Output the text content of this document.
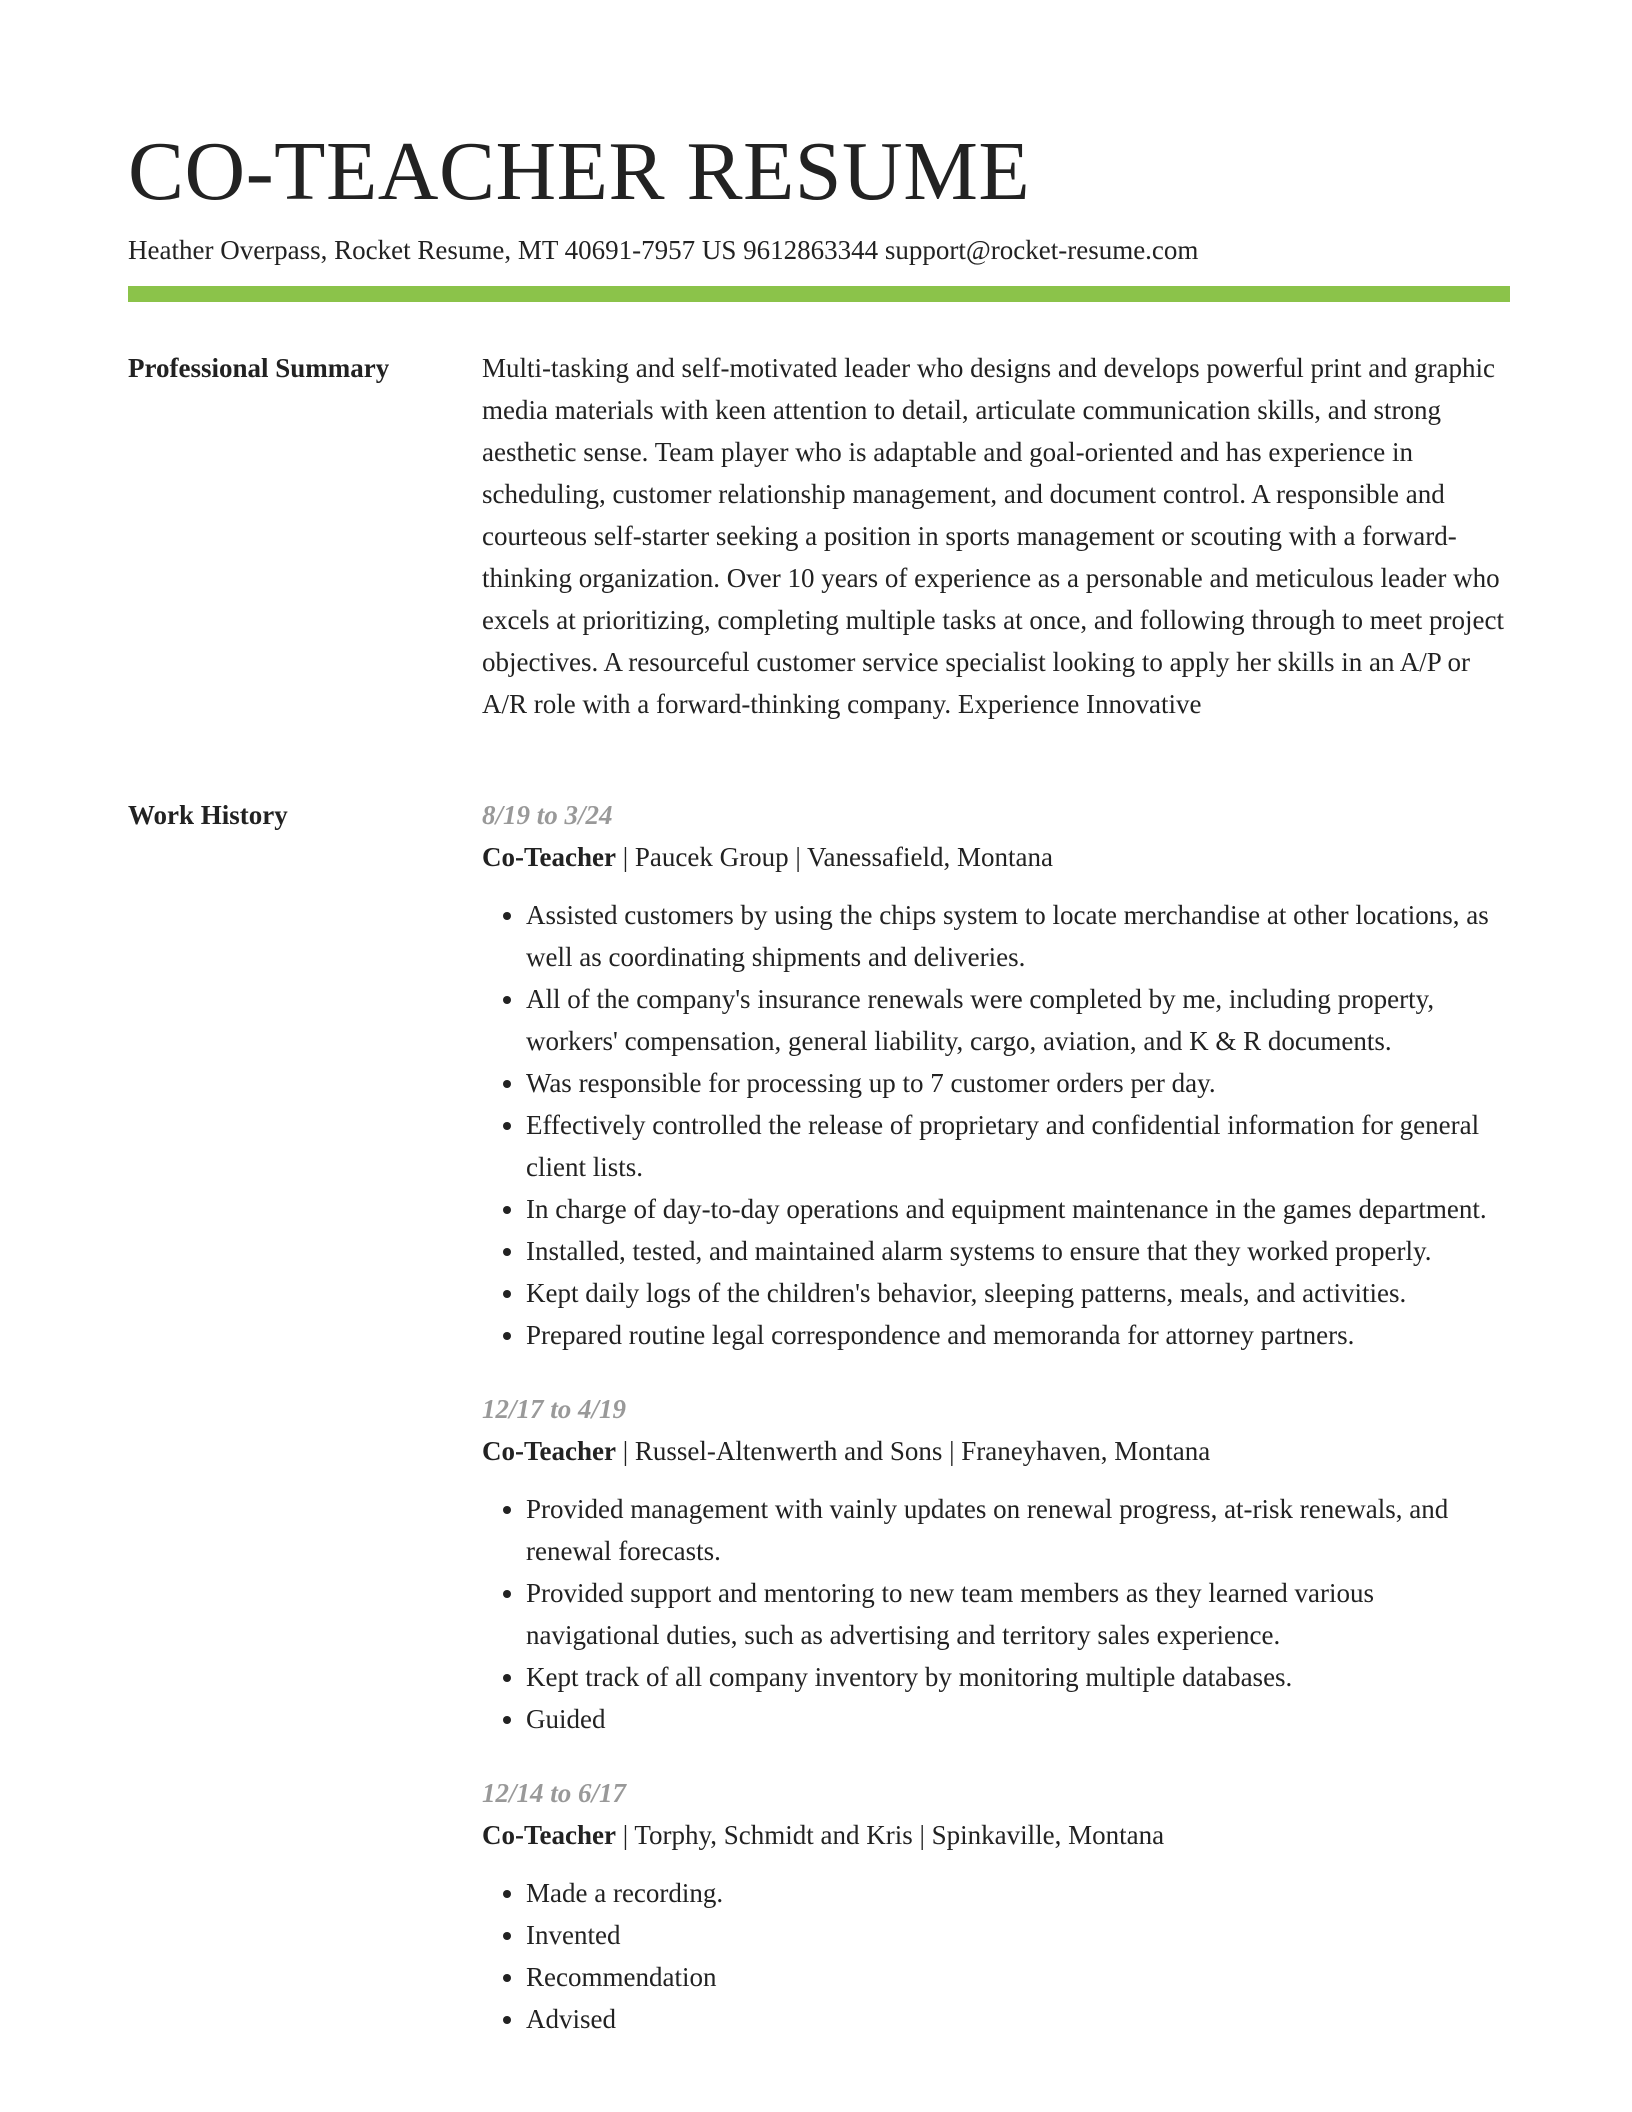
CO-TEACHER RESUME
Heather Overpass, Rocket Resume, MT 40691-7957 US 9612863344 support@rocket-resume.com
Professional Summary	Multi-tasking and self-motivated leader who designs and develops powerful print and graphic media materials with keen attention to detail, articulate communication skills, and strong aesthetic sense. Team player who is adaptable and goal-oriented and has experience in scheduling, customer relationship management, and document control. A responsible and courteous self-starter seeking a position in sports management or scouting with a forward-thinking organization. Over 10 years of experience as a personable and meticulous leader who excels at prioritizing, completing multiple tasks at once, and following through to meet project objectives. A resourceful customer service specialist looking to apply her skills in an A/P or A/R role with a forward-thinking company. Experience Innovative

Work History	8/19 to 3/24
Co-Teacher | Paucek Group | Vanessafield, Montana
• Assisted customers by using the chips system to locate merchandise at other locations, as well as coordinating shipments and deliveries.
• All of the company's insurance renewals were completed by me, including property, workers' compensation, general liability, cargo, aviation, and K & R documents.
• Was responsible for processing up to 7 customer orders per day.
• Effectively controlled the release of proprietary and confidential information for general client lists.
• In charge of day-to-day operations and equipment maintenance in the games department.
• Installed, tested, and maintained alarm systems to ensure that they worked properly.
• Kept daily logs of the children's behavior, sleeping patterns, meals, and activities.
• Prepared routine legal correspondence and memoranda for attorney partners.
12/17 to 4/19
Co-Teacher | Russel-Altenwerth and Sons | Franeyhaven, Montana
• Provided management with vainly updates on renewal progress, at-risk renewals, and renewal forecasts.
• Provided support and mentoring to new team members as they learned various navigational duties, such as advertising and territory sales experience.
• Kept track of all company inventory by monitoring multiple databases.
• Guided
12/14 to 6/17
Co-Teacher | Torphy, Schmidt and Kris | Spinkaville, Montana
• Made a recording.
• Invented
• Recommendation
• Advised
